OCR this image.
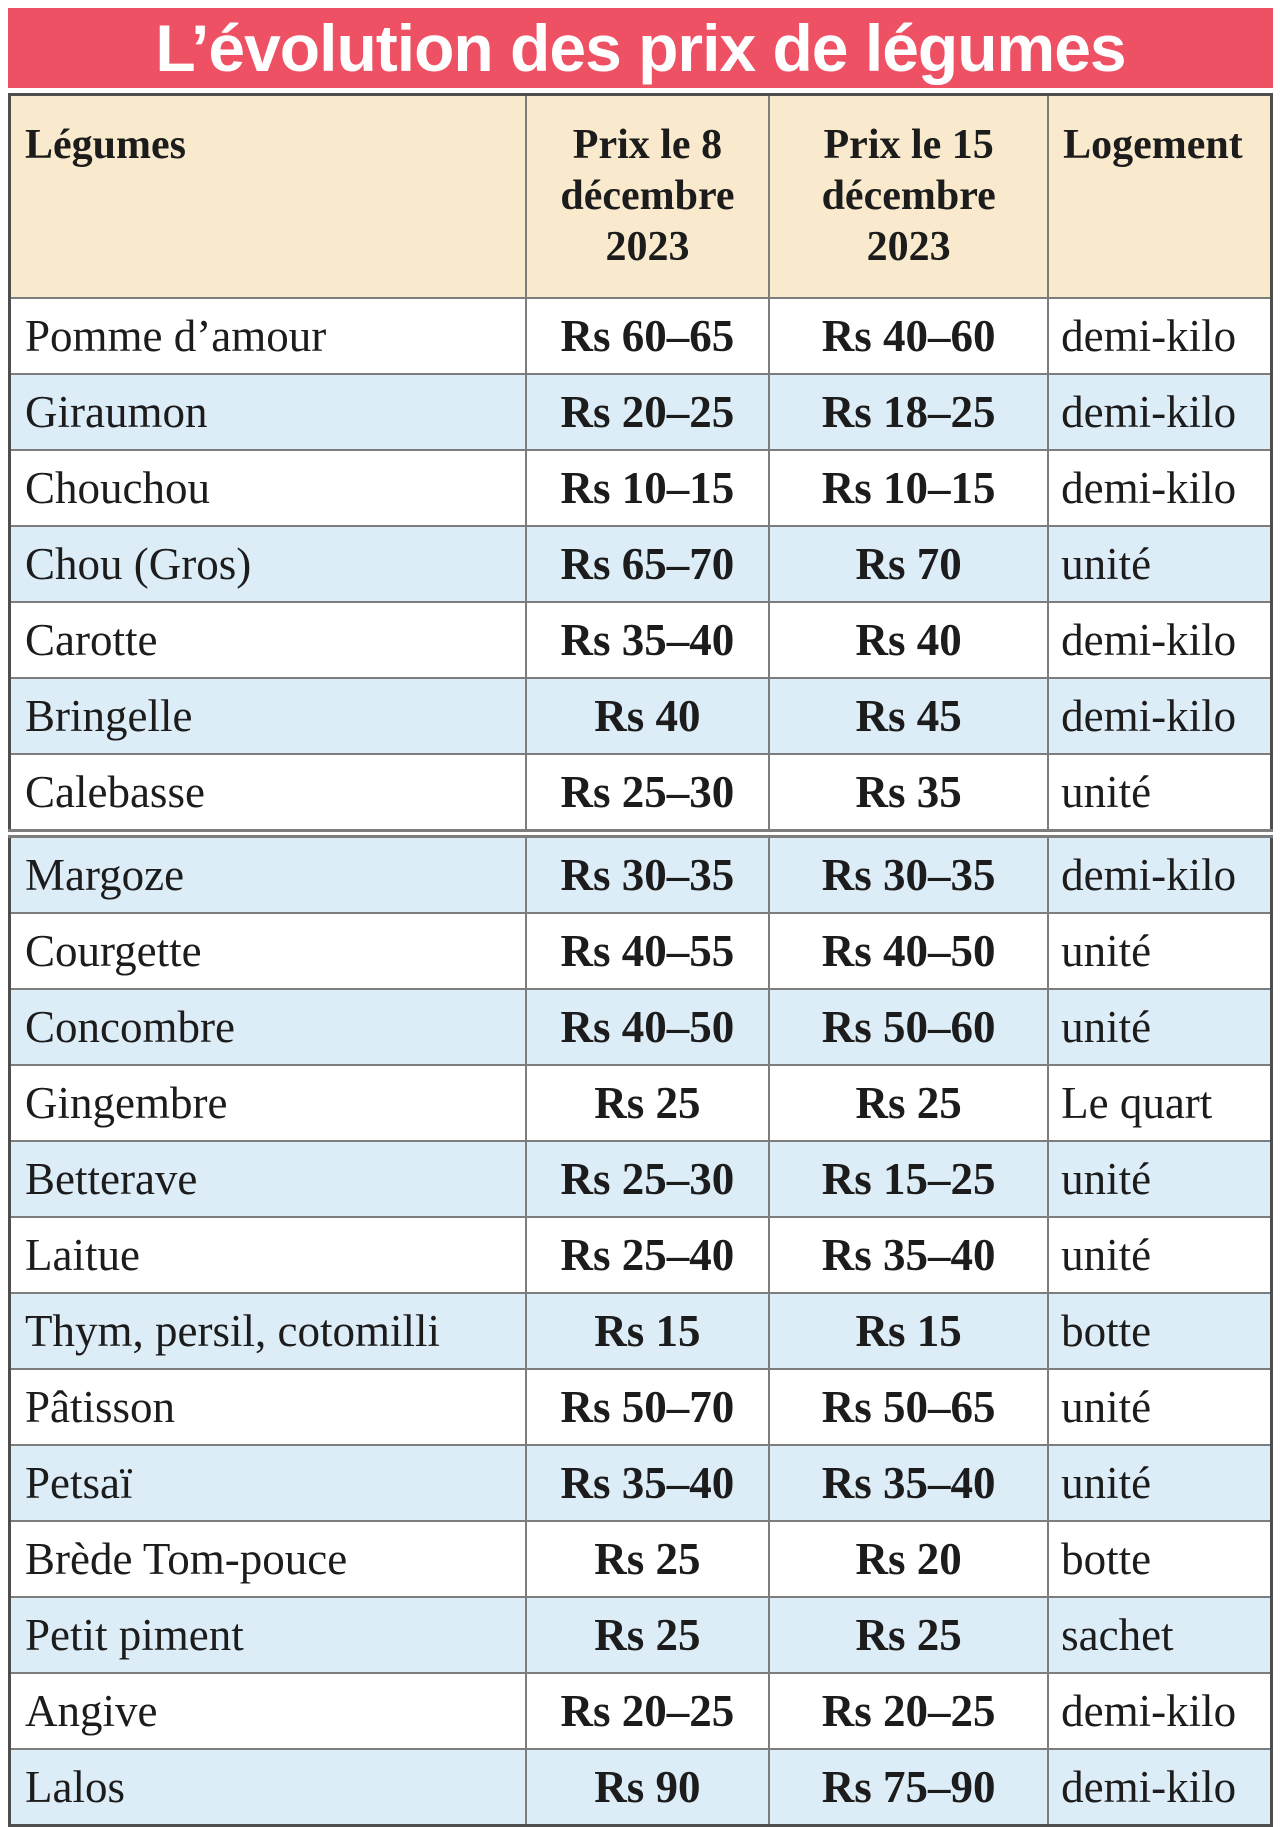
L’évolution des prix de légumes
Légumes	Prix le 8 décembre 2023	Prix le 15 décembre 2023	Logement
Pomme d’amour	Rs 60–65	Rs 40–60	demi-kilo
Giraumon	Rs 20–25	Rs 18–25	demi-kilo
Chouchou	Rs 10–15	Rs 10–15	demi-kilo
Chou (Gros)	Rs 65–70	Rs 70	unité
Carotte	Rs 35–40	Rs 40	demi-kilo
Bringelle	Rs 40	Rs 45	demi-kilo
Calebasse	Rs 25–30	Rs 35	unité
Margoze	Rs 30–35	Rs 30–35	demi-kilo
Courgette	Rs 40–55	Rs 40–50	unité
Concombre	Rs 40–50	Rs 50–60	unité
Gingembre	Rs 25	Rs 25	Le quart
Betterave	Rs 25–30	Rs 15–25	unité
Laitue	Rs 25–40	Rs 35–40	unité
Thym, persil, cotomilli	Rs 15	Rs 15	botte
Pâtisson	Rs 50–70	Rs 50–65	unité
Petsaï	Rs 35–40	Rs 35–40	unité
Brède Tom-pouce	Rs 25	Rs 20	botte
Petit piment	Rs 25	Rs 25	sachet
Angive	Rs 20–25	Rs 20–25	demi-kilo
Lalos	Rs 90	Rs 75–90	demi-kilo
